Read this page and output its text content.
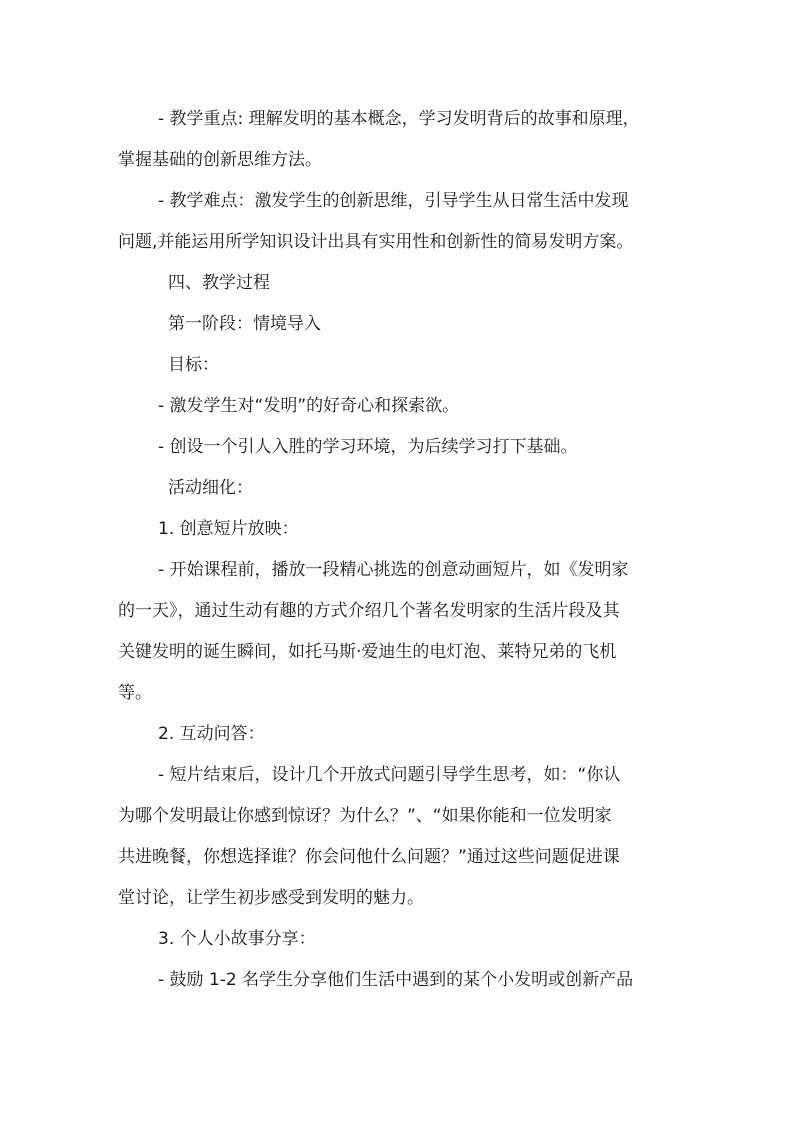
- 教学重点: 理解发明的基本概念，学习发明背后的故事和原理，
掌握基础的创新思维方法。
- 教学难点：激发学生的创新思维，引导学生从日常生活中发现
问题,并能运用所学知识设计出具有实用性和创新性的简易发明方案。
四、教学过程
第一阶段：情境导入
目标：
- 激发学生对“发明”的好奇心和探索欲。
- 创设一个引人入胜的学习环境，为后续学习打下基础。
活动细化：
1. 创意短片放映：
- 开始课程前，播放一段精心挑选的创意动画短片，如《发明家
的一天》，通过生动有趣的方式介绍几个著名发明家的生活片段及其
关键发明的诞生瞬间，如托马斯·爱迪生的电灯泡、莱特兄弟的飞机
等。
2. 互动问答：
- 短片结束后，设计几个开放式问题引导学生思考，如：“你认
为哪个发明最让你感到惊讶？为什么？”、“如果你能和一位发明家
共进晚餐，你想选择谁？你会问他什么问题？”通过这些问题促进课
堂讨论，让学生初步感受到发明的魅力。
3. 个人小故事分享：
- 鼓励 1-2 名学生分享他们生活中遇到的某个小发明或创新产品
